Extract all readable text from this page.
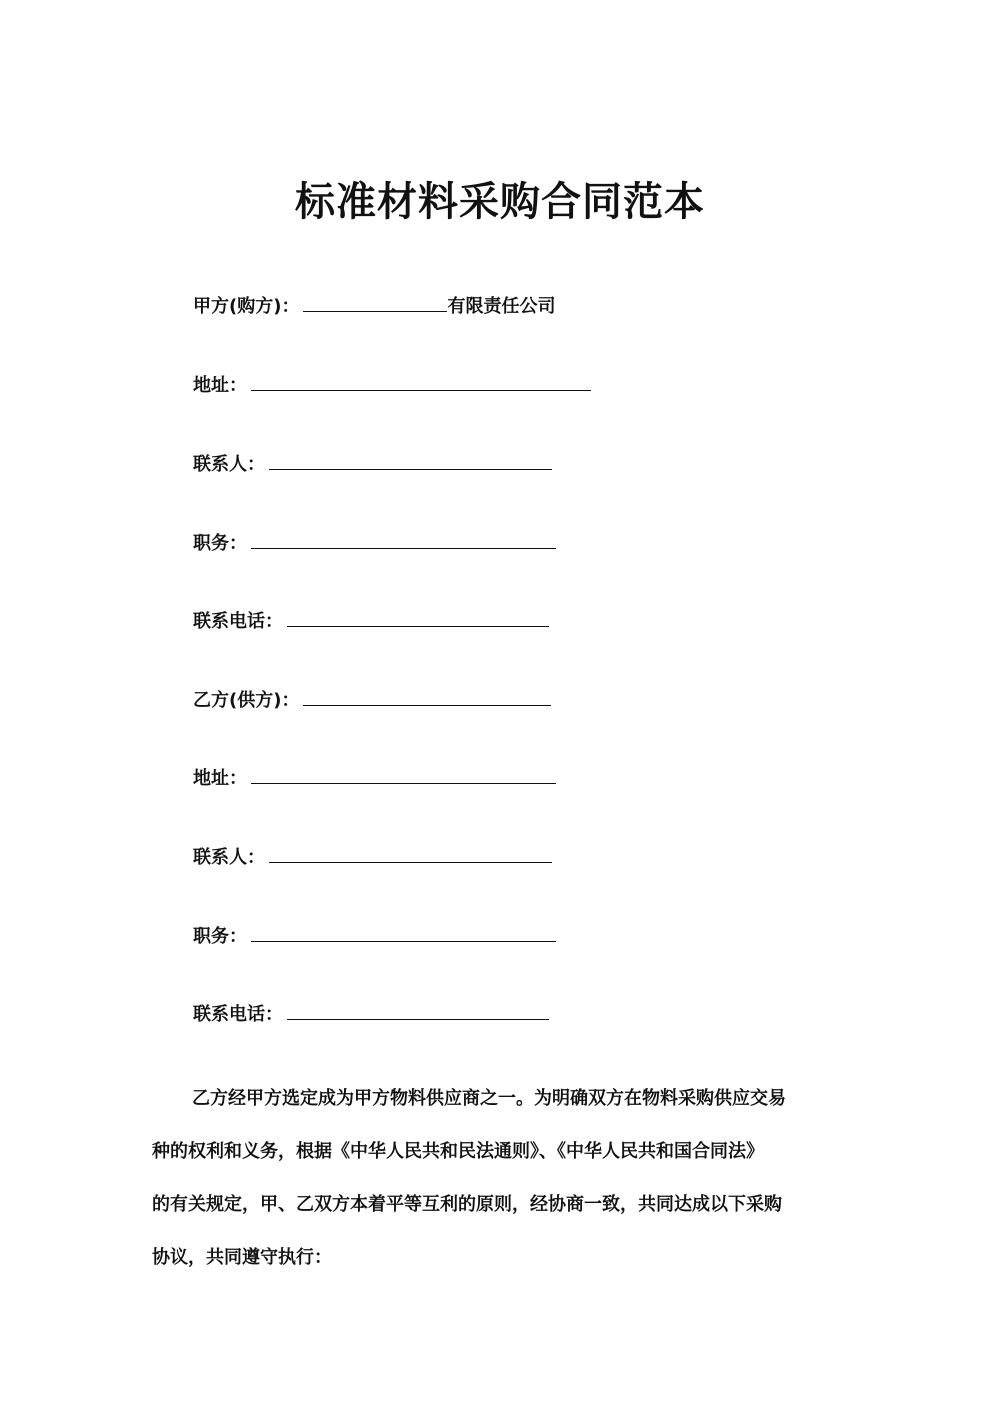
标准材料采购合同范本
甲方(购方)：	有限责任公司
地址：
联系人：
职务：
联系电话：
乙方(供方)：
地址：
联系人：
职务：
联系电话：
乙方经甲方选定成为甲方物料供应商之一。为明确双方在物料采购供应交易
种的权利和义务，根据《中华人民共和民法通则》、《中华人民共和国合同法》
的有关规定，甲、乙双方本着平等互利的原则，经协商一致，共同达成以下采购
协议，共同遵守执行：
